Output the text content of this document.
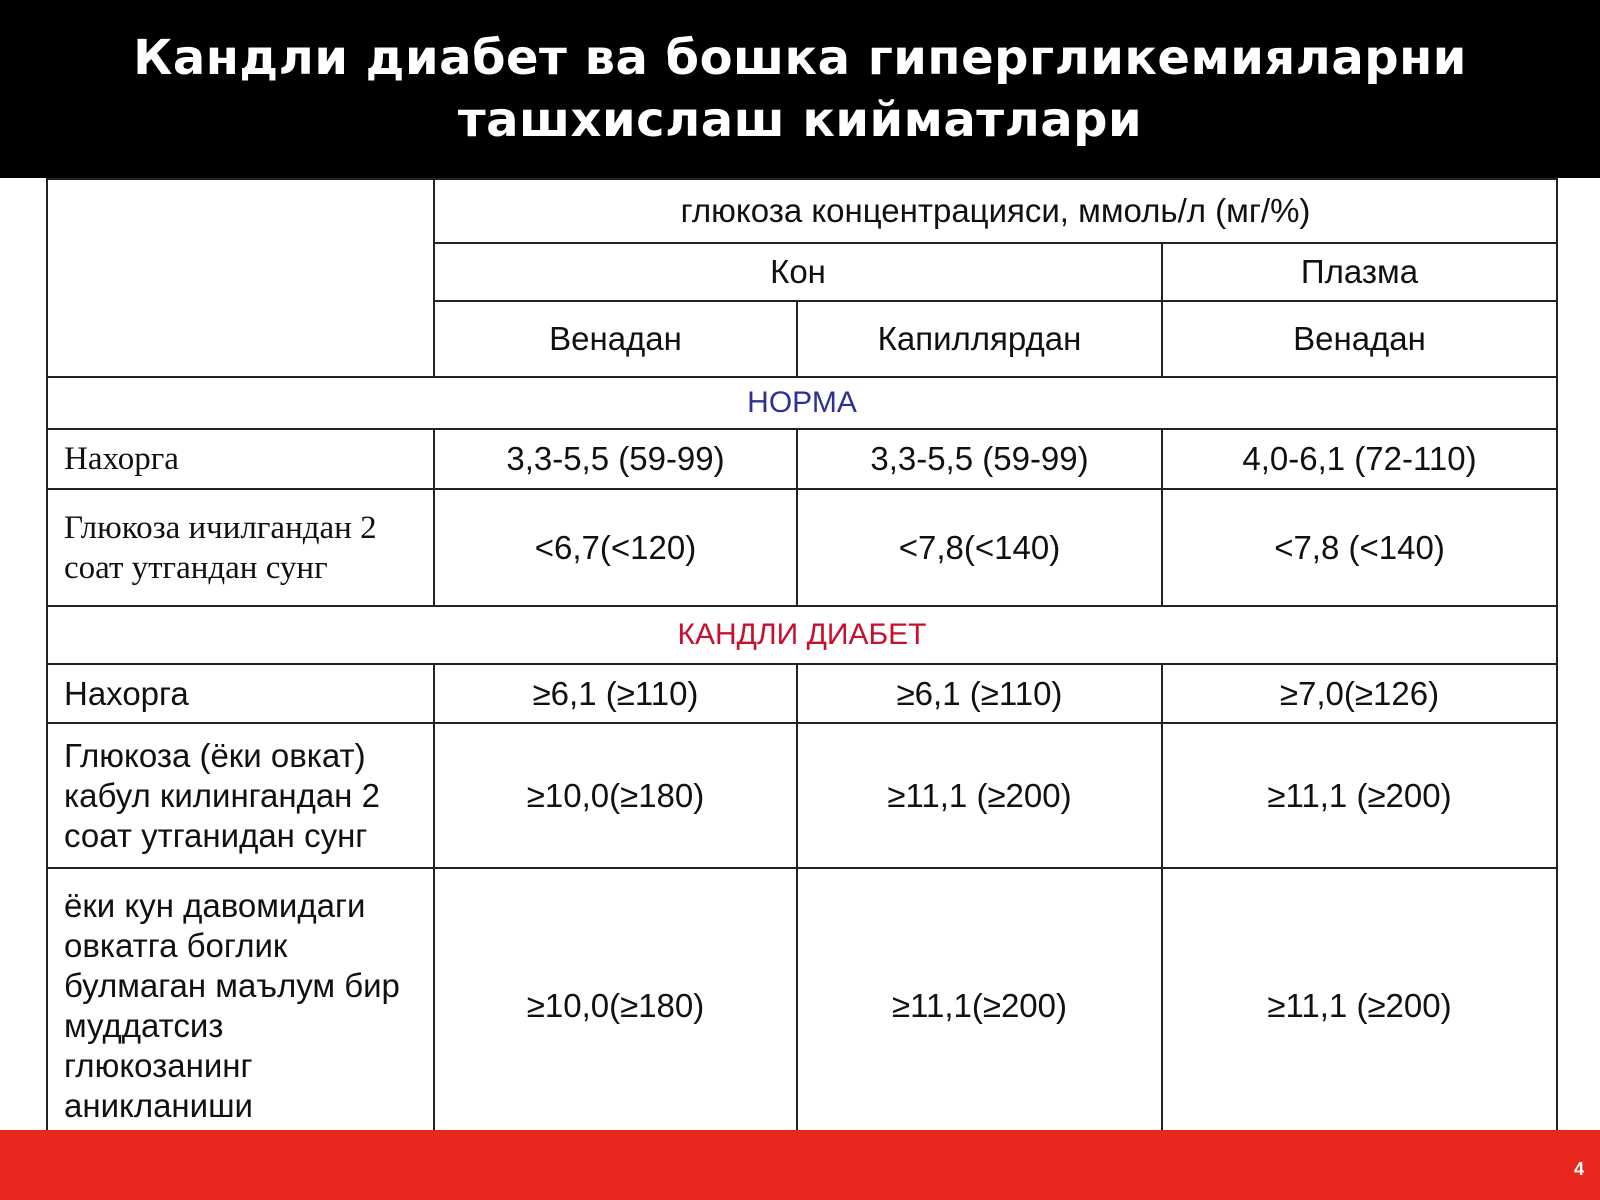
Кандли диабет ва бошка гипергликемияларни
ташхислаш кийматлари
	глюкоза концентрацияси, ммоль/л (мг/%)		
	Кон		Плазма
	Венадан	Капиллярдан	Венадан
НОРМА			
Нахорга	3,3-5,5 (59-99)	3,3-5,5 (59-99)	4,0-6,1 (72-110)
Глюкоза ичилгандан 2 соат утгандан сунг	<6,7(<120)	<7,8(<140)	<7,8 (<140)
КАНДЛИ ДИАБЕТ			
Нахорга	≥6,1 (≥110)	≥6,1 (≥110)	≥7,0(≥126)
Глюкоза (ёки овкат) кабул килингандан 2 соат утганидан сунг	≥10,0(≥180)	≥11,1 (≥200)	≥11,1 (≥200)
ёки кун давомидаги овкатга боглик булмаган маълум бир муддатсиз глюкозанинг аникланиши	≥10,0(≥180)	≥11,1(≥200)	≥11,1 (≥200)
4
